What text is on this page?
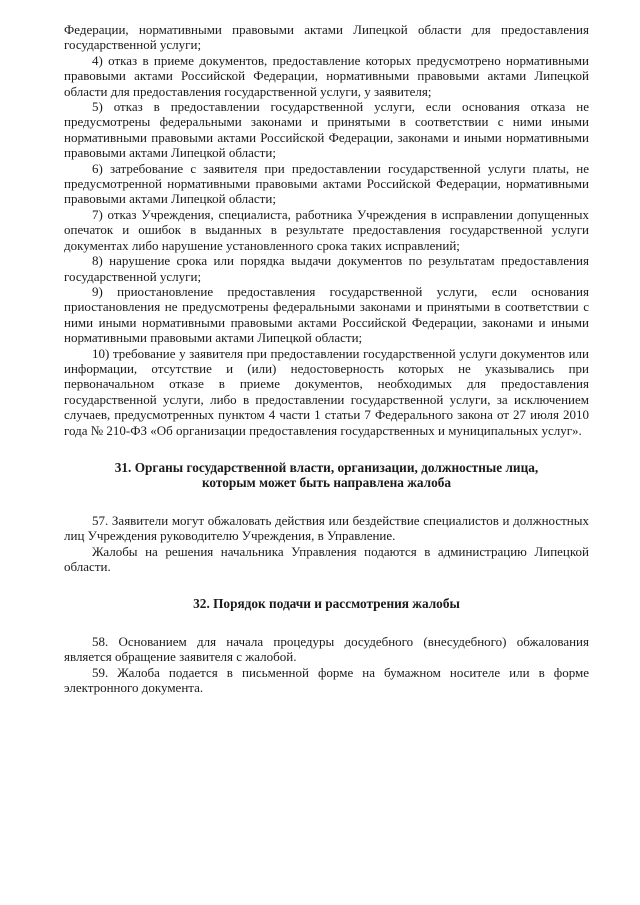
Федерации, нормативными правовыми актами Липецкой области для предоставления государственной услуги;

4) отказ в приеме документов, предоставление которых предусмотрено нормативными правовыми актами Российской Федерации, нормативными правовыми актами Липецкой области для предоставления государственной услуги, у заявителя;

5) отказ в предоставлении государственной услуги, если основания отказа не предусмотрены федеральными законами и принятыми в соответствии с ними иными нормативными правовыми актами Российской Федерации, законами и иными нормативными правовыми актами Липецкой области;

6) затребование с заявителя при предоставлении государственной услуги платы, не предусмотренной нормативными правовыми актами Российской Федерации, нормативными правовыми актами Липецкой области;

7) отказ Учреждения, специалиста, работника Учреждения в исправлении допущенных опечаток и ошибок в выданных в результате предоставления государственной услуги документах либо нарушение установленного срока таких исправлений;

8) нарушение срока или порядка выдачи документов по результатам предоставления государственной услуги;

9) приостановление предоставления государственной услуги, если основания приостановления не предусмотрены федеральными законами и принятыми в соответствии с ними иными нормативными правовыми актами Российской Федерации, законами и иными нормативными правовыми актами Липецкой области;

10) требование у заявителя при предоставлении государственной услуги документов или информации, отсутствие и (или) недостоверность которых не указывались при первоначальном отказе в приеме документов, необходимых для предоставления государственной услуги, либо в предоставлении государственной услуги, за исключением случаев, предусмотренных пунктом 4 части 1 статьи 7 Федерального закона от 27 июля 2010 года № 210-ФЗ «Об организации предоставления государственных и муниципальных услуг».

31. Органы государственной власти, организации, должностные лица,

которым может быть направлена жалоба

57. Заявители могут обжаловать действия или бездействие специалистов и должностных лиц Учреждения руководителю Учреждения, в Управление.

Жалобы на решения начальника Управления подаются в администрацию Липецкой области.

32. Порядок подачи и рассмотрения жалобы

58. Основанием для начала процедуры досудебного (внесудебного) обжалования является обращение заявителя с жалобой.

59. Жалоба подается в письменной форме на бумажном носителе или в форме электронного документа.
